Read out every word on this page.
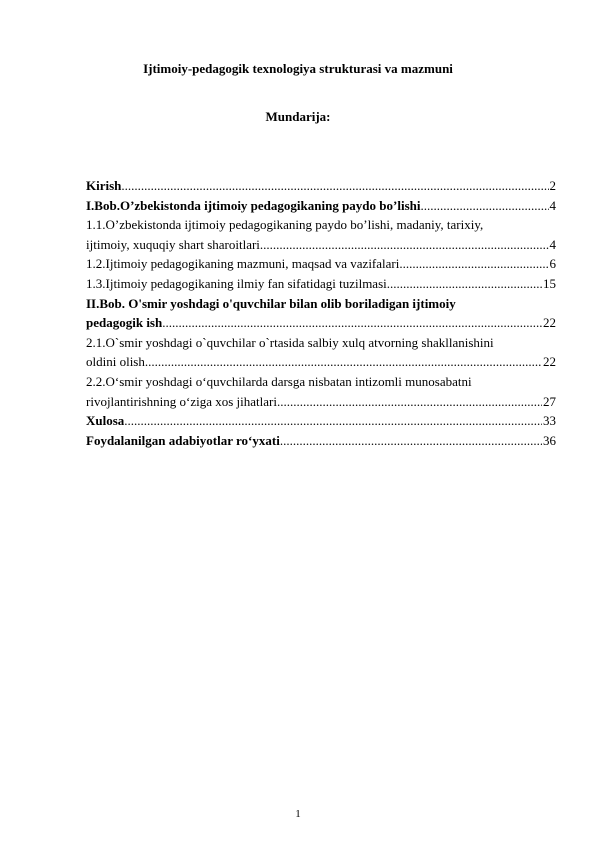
Ijtimoiy-pedagogik texnologiya strukturasi va mazmuni
Mundarija:
Kirish .....	2
I.Bob.O’zbekistonda ijtimoiy pedagogikaning paydo bo’lishi .....	4
1.1.O’zbekistonda ijtimoiy pedagogikaning paydo bo’lishi, madaniy, tarixiy,
ijtimoiy, xuquqiy shart sharoitlari .....	4
1.2.Ijtimoiy pedagogikaning mazmuni, maqsad va vazifalari .....	6
1.3.Ijtimoiy pedagogikaning ilmiy fan sifatidagi tuzilmasi .....	15
II.Bob. O'smir yoshdagi o'quvchilar bilan olib boriladigan ijtimoiy
pedagogik ish .....	22
2.1.O`smir yoshdagi o`quvchilar o`rtasida salbiy xulq atvorning shakllanishini
oldini olish .....	22
2.2.O‘smir yoshdagi o‘quvchilarda darsga nisbatan intizomli munosabatni
rivojlantirishning o‘ziga xos jihatlari .....	27
Xulosa .....	33
Foydalanilgan adabiyotlar ro‘yxati .....	36
1
